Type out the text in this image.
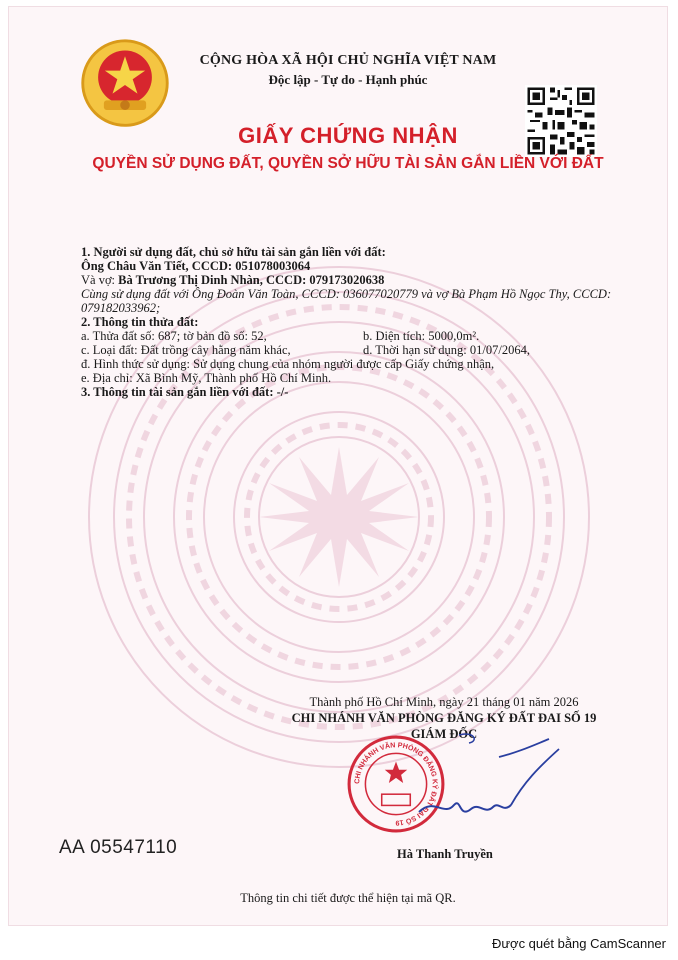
CỘNG HÒA XÃ HỘI CHỦ NGHĨA VIỆT NAM
Độc lập - Tự do - Hạnh phúc
GIẤY CHỨNG NHẬN
QUYỀN SỬ DỤNG ĐẤT, QUYỀN SỞ HỮU TÀI SẢN GẮN LIỀN VỚI ĐẤT
1. Người sử dụng đất, chủ sở hữu tài sản gắn liền với đất:
Ông Châu Văn Tiết, CCCD: 051078003064
Và vợ: Bà Trương Thị Dinh Nhàn, CCCD: 079173020638
Cùng sử dụng đất với Ông Đoàn Văn Toàn, CCCD: 036077020779 và vợ Bà Phạm Hồ Ngọc Thy, CCCD:
079182033962;
2. Thông tin thửa đất:
a. Thửa đất số: 687; tờ bản đồ số: 52,	b. Diện tích: 5000,0m².
c. Loại đất: Đất trồng cây hằng năm khác,	d. Thời hạn sử dụng: 01/07/2064,
đ. Hình thức sử dụng: Sử dụng chung của nhóm người được cấp Giấy chứng nhận,
e. Địa chỉ: Xã Bình Mỹ, Thành phố Hồ Chí Minh.
3. Thông tin tài sản gắn liền với đất: -/-
Thành phố Hồ Chí Minh, ngày 21 tháng 01 năm 2026
CHI NHÁNH VĂN PHÒNG ĐĂNG KÝ ĐẤT ĐAI SỐ 19
GIÁM ĐỐC
CHI NHÁNH VĂN PHÒNG ĐĂNG KÝ ĐẤT ĐAI SỐ 19
Hà Thanh Truyền
AA 05547110
Thông tin chi tiết được thể hiện tại mã QR.
Được quét bằng CamScanner
